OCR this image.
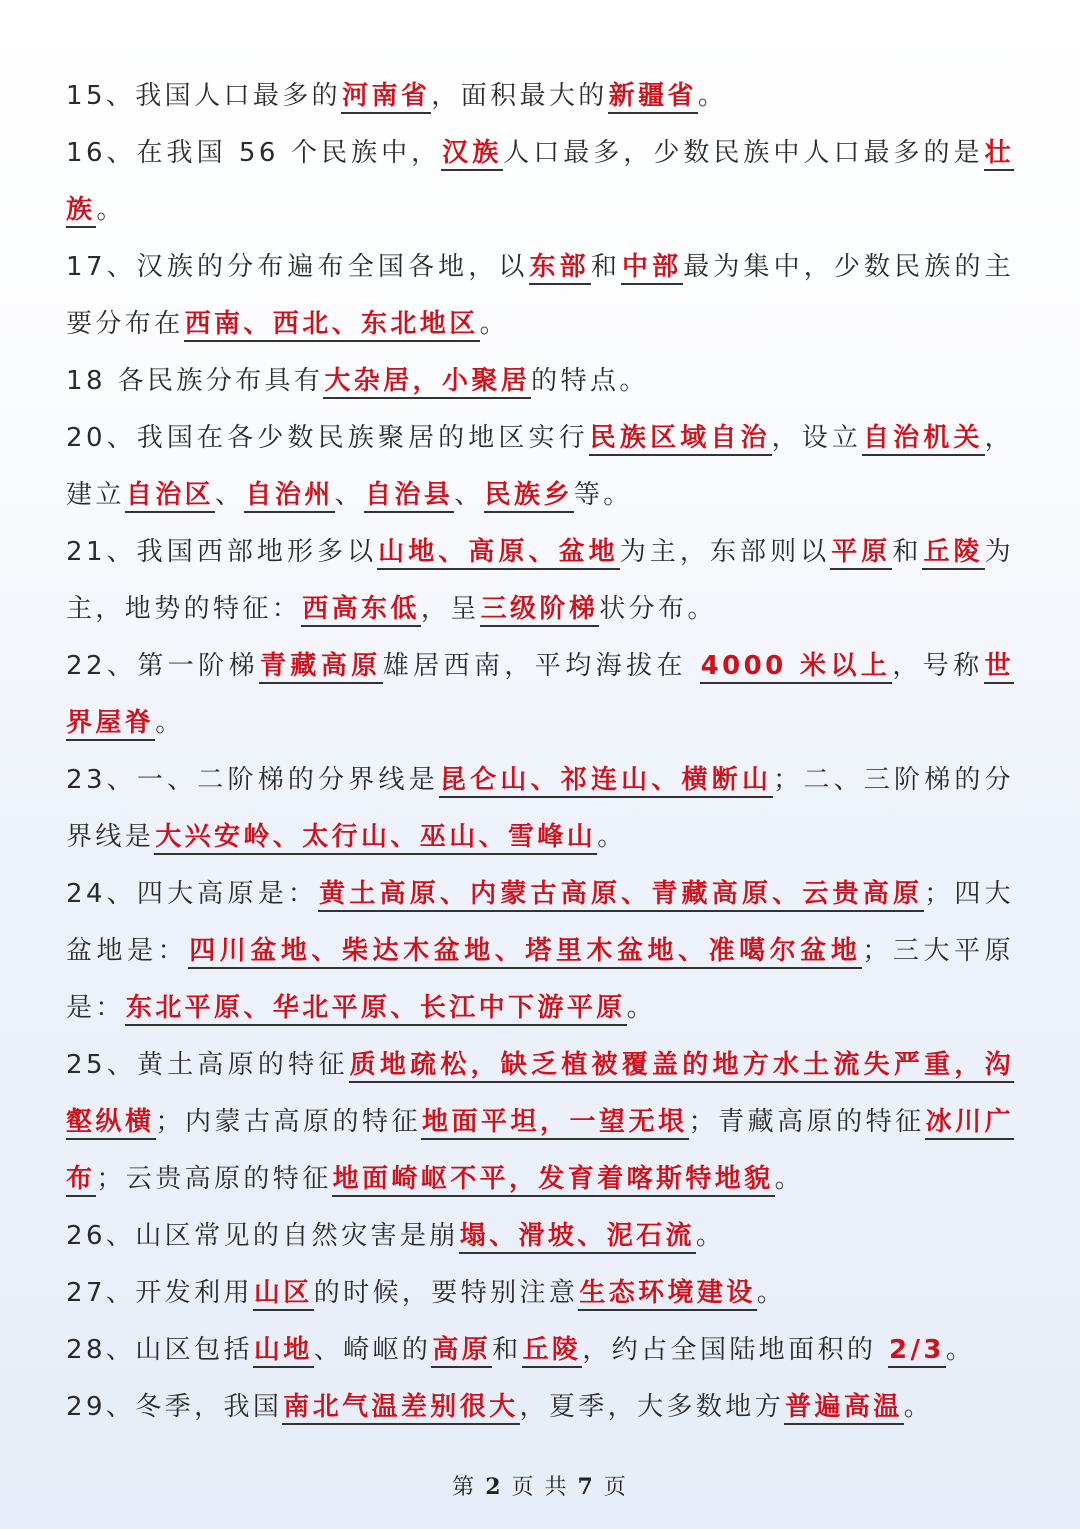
15、我国人口最多的河南省，面积最大的新疆省。

16、在我国 56 个民族中，汉族人口最多，少数民族中人口最多的是壮族。

17、汉族的分布遍布全国各地，以东部和中部最为集中，少数民族的主要分布在西南、西北、东北地区。

18 各民族分布具有大杂居，小聚居的特点。

20、我国在各少数民族聚居的地区实行民族区域自治，设立自治机关，建立自治区、自治州、自治县、民族乡等。

21、我国西部地形多以山地、高原、盆地为主，东部则以平原和丘陵为主，地势的特征：西高东低，呈三级阶梯状分布。

22、第一阶梯青藏高原雄居西南，平均海拔在 4000 米以上，号称世界屋脊。

23、一、二阶梯的分界线是昆仑山、祁连山、横断山；二、三阶梯的分界线是大兴安岭、太行山、巫山、雪峰山。

24、四大高原是：黄土高原、内蒙古高原、青藏高原、云贵高原；四大盆地是：四川盆地、柴达木盆地、塔里木盆地、准噶尔盆地；三大平原是：东北平原、华北平原、长江中下游平原。

25、黄土高原的特征质地疏松，缺乏植被覆盖的地方水土流失严重，沟壑纵横；内蒙古高原的特征地面平坦，一望无垠；青藏高原的特征冰川广布；云贵高原的特征地面崎岖不平，发育着喀斯特地貌。

26、山区常见的自然灾害是崩塌、滑坡、泥石流。

27、开发利用山区的时候，要特别注意生态环境建设。

28、山区包括山地、崎岖的高原和丘陵，约占全国陆地面积的 2/3。

29、冬季，我国南北气温差别很大，夏季，大多数地方普遍高温。

第 2 页 共 7 页
